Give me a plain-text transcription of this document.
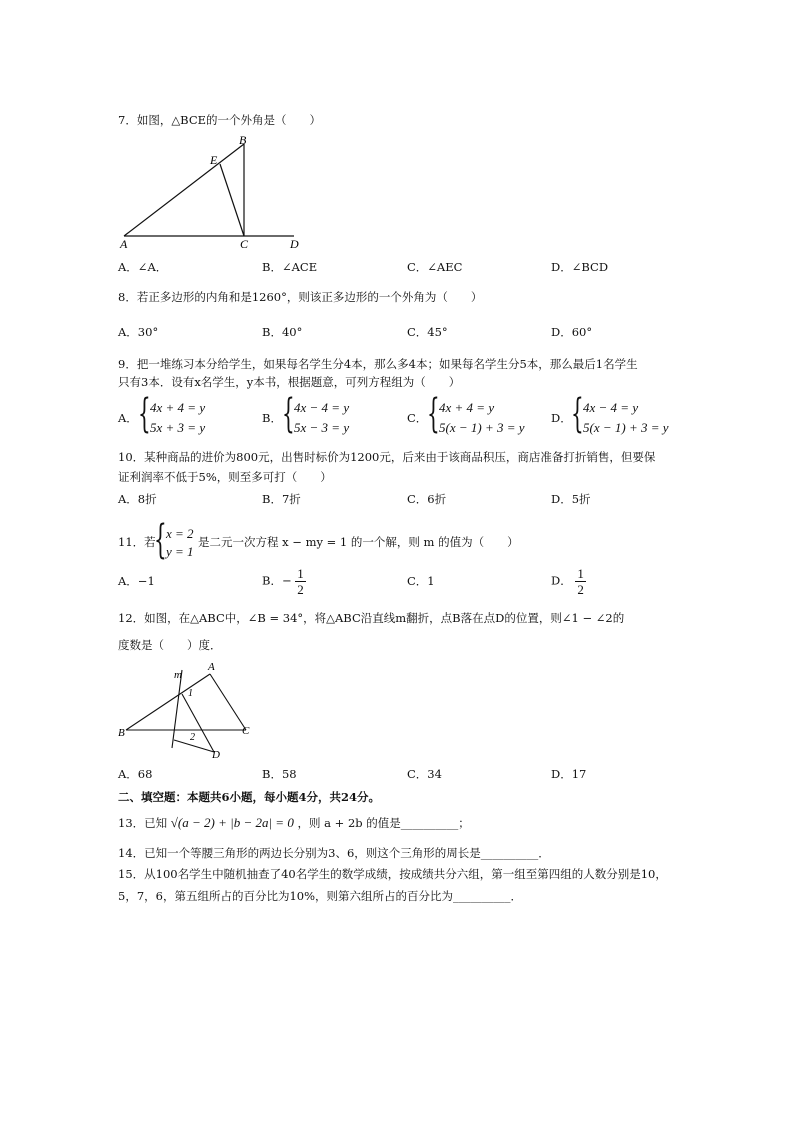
7．如图，△BCE的一个外角是（　　）
B
E
A	C	D
A．∠A．	B．∠ACE	C．∠AEC	D．∠BCD
8．若正多边形的内角和是1260°，则该正多边形的一个外角为（　　）
A．30°	B．40°	C．45°	D．60°
9．把一堆练习本分给学生，如果每名学生分4本，那么多4本；如果每名学生分5本，那么最后1名学生
只有3本．设有x名学生，y本书，根据题意，可列方程组为（　　）
A． { 4x + 4 = y
5x + 3 = y
B． { 4x − 4 = y
5x − 3 = y
C． { 4x + 4 = y
5(x − 1) + 3 = y
D． { 4x − 4 = y
5(x − 1) + 3 = y
10．某种商品的进价为800元，出售时标价为1200元，后来由于该商品积压，商店准备打折销售，但要保
证利润率不低于5%，则至多可打（　　）
A．8折	B．7折	C．6折	D．5折
11．若
{ x = 2
y = 1
是二元一次方程 x − my = 1 的一个解，则 m 的值为（　　）
A．−1	B．− $\frac{1}{2}$	C．1	D． $\frac{1}{2}$
12．如图，在△ABC中，∠B = 34°，将△ABC沿直线m翻折，点B落在点D的位置，则∠1 − ∠2的
度数是（　　）度．
A
m
1
B	C
2
D
A．68	B．58	C．34	D．17
二、填空题：本题共6小题，每小题4分，共24分。
13．已知 √(a − 2) + |b − 2a| = 0 ，则 a + 2b 的值是__________；
14．已知一个等腰三角形的两边长分别为3、6，则这个三角形的周长是__________．
15．从100名学生中随机抽查了40名学生的数学成绩，按成绩共分六组，第一组至第四组的人数分别是10，
5，7，6，第五组所占的百分比为10%，则第六组所占的百分比为__________．
